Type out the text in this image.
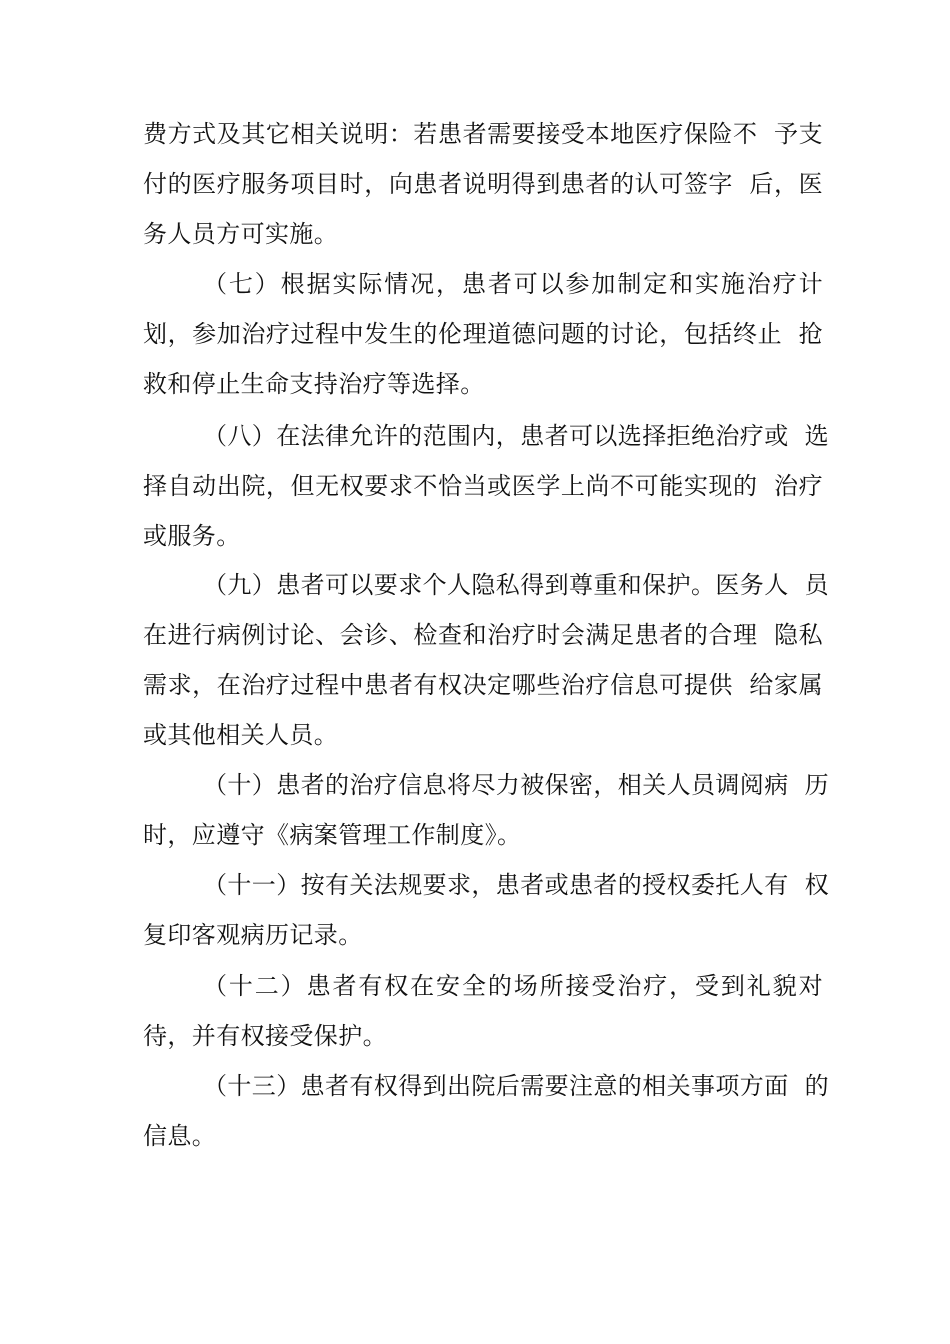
费方式及其它相关说明：若患者需要接受本地医疗保险不  予支
付的医疗服务项目时，向患者说明得到患者的认可签字  后，医
务人员方可实施。
（七）根据实际情况，患者可以参加制定和实施治疗计
划，参加治疗过程中发生的伦理道德问题的讨论，包括终止  抢
救和停止生命支持治疗等选择。
（八）在法律允许的范围内，患者可以选择拒绝治疗或  选
择自动出院，但无权要求不恰当或医学上尚不可能实现的  治疗
或服务。
（九）患者可以要求个人隐私得到尊重和保护。医务人  员
在进行病例讨论、会诊、检查和治疗时会满足患者的合理  隐私
需求，在治疗过程中患者有权决定哪些治疗信息可提供  给家属
或其他相关人员。
（十）患者的治疗信息将尽力被保密，相关人员调阅病  历
时，应遵守《病案管理工作制度》。
（十一）按有关法规要求，患者或患者的授权委托人有  权
复印客观病历记录。
（十二）患者有权在安全的场所接受治疗，受到礼貌对
待，并有权接受保护。
（十三）患者有权得到出院后需要注意的相关事项方面  的
信息。
